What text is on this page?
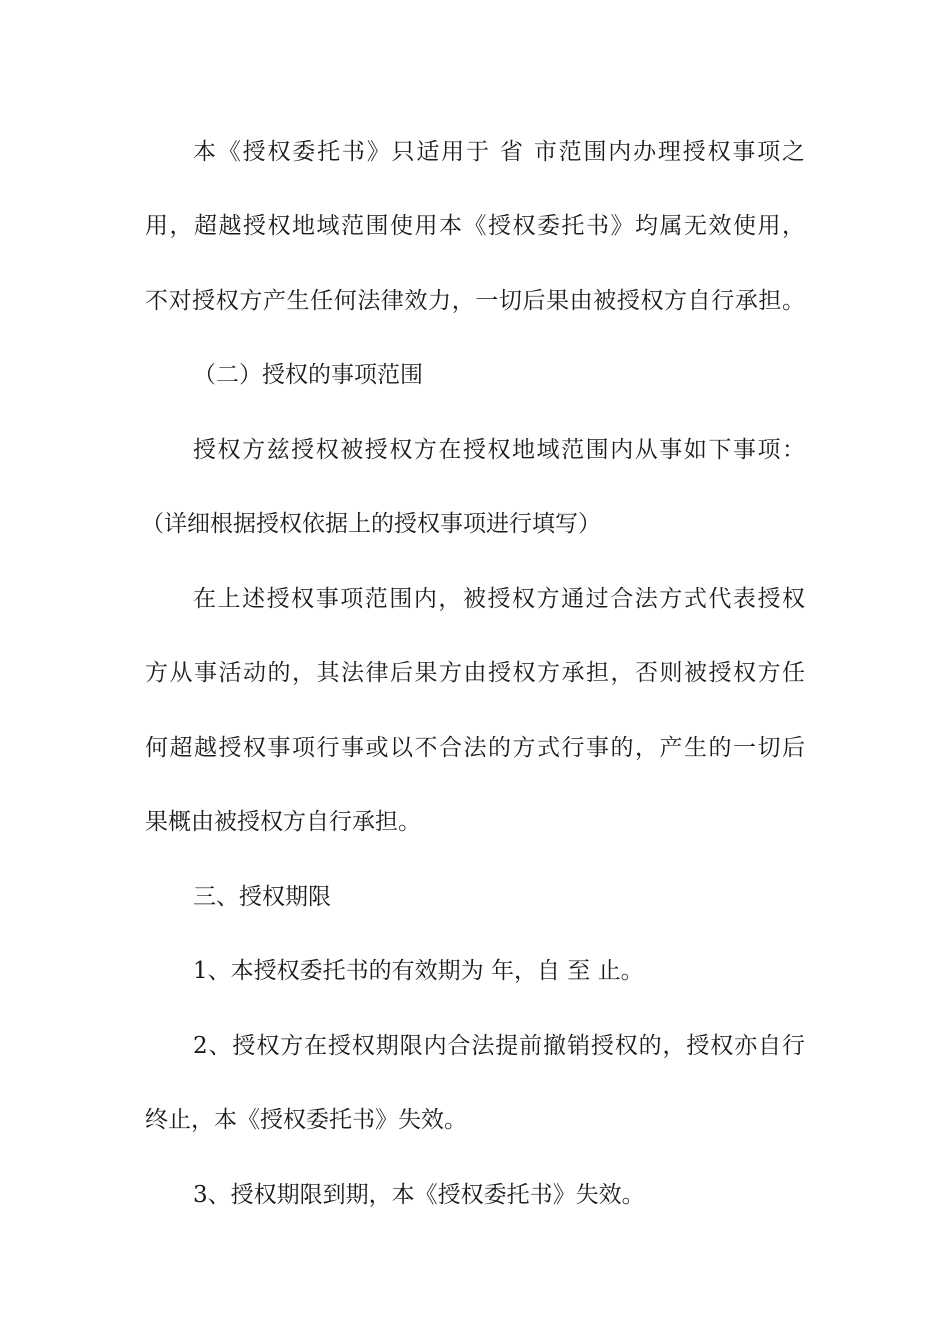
本《授权委托书》只适用于 省 市范围内办理授权事项之
用，超越授权地域范围使用本《授权委托书》均属无效使用，
不对授权方产生任何法律效力，一切后果由被授权方自行承担。
（二）授权的事项范围
授权方兹授权被授权方在授权地域范围内从事如下事项：
（详细根据授权依据上的授权事项进行填写）
在上述授权事项范围内，被授权方通过合法方式代表授权
方从事活动的，其法律后果方由授权方承担，否则被授权方任
何超越授权事项行事或以不合法的方式行事的，产生的一切后
果概由被授权方自行承担。
三、授权期限
1、本授权委托书的有效期为 年，自 至 止。
2、授权方在授权期限内合法提前撤销授权的，授权亦自行
终止，本《授权委托书》失效。
3、授权期限到期，本《授权委托书》失效。
